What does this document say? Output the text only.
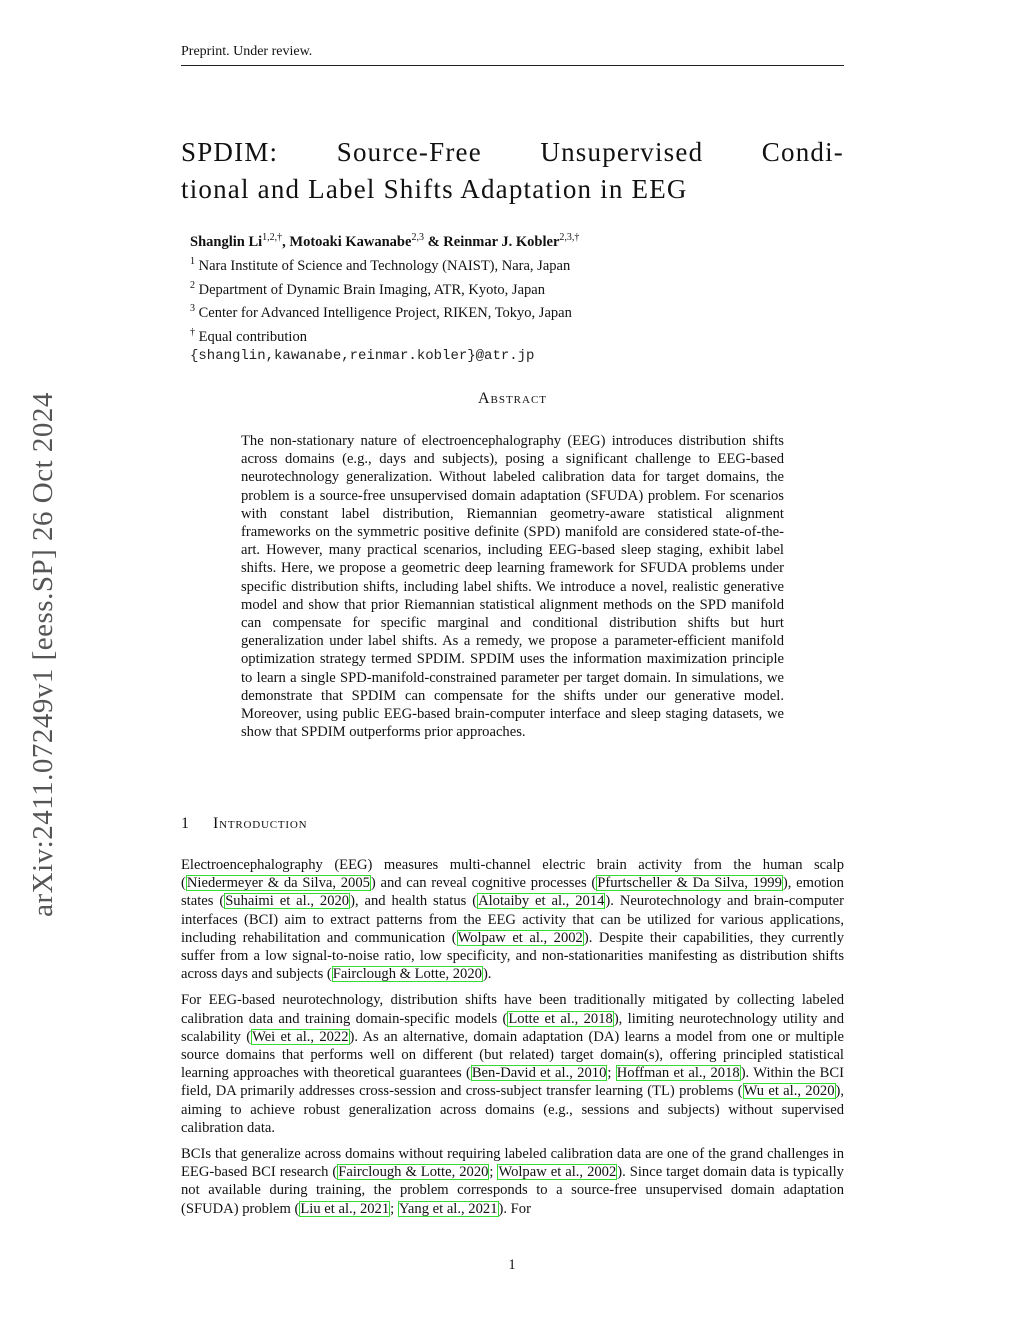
Preprint. Under review.
arXiv:2411.07249v1 [eess.SP] 26 Oct 2024
SPDIM: Source-Free Unsupervised Condi-
tional and Label Shifts Adaptation in EEG
Shanglin $Li^{1,2,\dagger}$, Motoaki Kawanabe$^{2,3}$ & Reinmar J. Kobler$^{2,3,\dagger}$
$^1$ Nara Institute of Science and Technology (NAIST), Nara, Japan
$^2$ Department of Dynamic Brain Imaging, ATR, Kyoto, Japan
$^3$ Center for Advanced Intelligence Project, RIKEN, Tokyo, Japan
† Equal contribution
{shanglin,kawanabe,reinmar.kobler}@atr.jp
Abstract
The non-stationary nature of electroencephalography (EEG) introduces distribution shifts across domains (e.g., days and subjects), posing a significant challenge to EEG-based neurotechnology generalization. Without labeled calibration data for target domains, the problem is a source-free unsupervised domain adaptation (SFUDA) problem. For scenarios with constant label distribution, Riemannian geometry-aware statistical alignment frameworks on the symmetric positive definite (SPD) manifold are considered state-of-the-art. However, many practical scenarios, including EEG-based sleep staging, exhibit label shifts. Here, we propose a geometric deep learning framework for SFUDA problems under specific distribution shifts, including label shifts. We introduce a novel, realistic generative model and show that prior Riemannian statistical alignment methods on the SPD manifold can compensate for specific marginal and conditional distribution shifts but hurt generalization under label shifts. As a remedy, we propose a parameter-efficient manifold optimization strategy termed SPDIM. SPDIM uses the information maximization principle to learn a single SPD-manifold-constrained parameter per target domain. In simulations, we demonstrate that SPDIM can compensate for the shifts under our generative model. Moreover, using public EEG-based brain-computer interface and sleep staging datasets, we show that SPDIM outperforms prior approaches.
1 Introduction

Electroencephalography (EEG) measures multi-channel electric brain activity from the human scalp (Niedermeyer & da Silva, 2005) and can reveal cognitive processes (Pfurtscheller & Da Silva, 1999), emotion states (Suhaimi et al., 2020), and health status (Alotaiby et al., 2014). Neurotechnology and brain-computer interfaces (BCI) aim to extract patterns from the EEG activity that can be utilized for various applications, including rehabilitation and communication (Wolpaw et al., 2002). Despite their capabilities, they currently suffer from a low signal-to-noise ratio, low specificity, and non-stationarities manifesting as distribution shifts across days and subjects (Fairclough & Lotte, 2020).

For EEG-based neurotechnology, distribution shifts have been traditionally mitigated by collecting labeled calibration data and training domain-specific models (Lotte et al., 2018), limiting neurotechnology utility and scalability (Wei et al., 2022). As an alternative, domain adaptation (DA) learns a model from one or multiple source domains that performs well on different (but related) target domain(s), offering principled statistical learning approaches with theoretical guarantees (Ben-David et al., 2010; Hoffman et al., 2018). Within the BCI field, DA primarily addresses cross-session and cross-subject transfer learning (TL) problems (Wu et al., 2020), aiming to achieve robust generalization across domains (e.g., sessions and subjects) without supervised calibration data.

BCIs that generalize across domains without requiring labeled calibration data are one of the grand challenges in EEG-based BCI research (Fairclough & Lotte, 2020; Wolpaw et al., 2002). Since target domain data is typically not available during training, the problem corresponds to a source-free unsupervised domain adaptation (SFUDA) problem (Liu et al., 2021; Yang et al., 2021). For

1
